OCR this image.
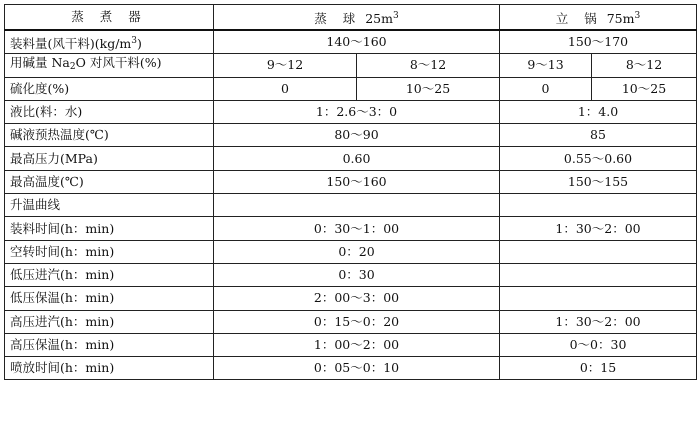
蒸 煮 器	蒸 球 $25m^3$		立 锅 $75m^3$
装料量(风干料)$(kg/m^3)$	140～160		150～170	
用碱量 $Na_2O$ 对风干料(%)	9～12	8～12	9～13	8～12
硫化度(%)	0	10～25	0	10～25
液比(料：水)	1：2.6～3：0		1：4.0	
碱液预热温度(℃)	80～90		85	
最高压力(MPa)	0.60		0.55～0.60	
最高温度(℃)	150～160		150～155	
升温曲线				
装料时间(h：min)	0：30～1：00		1：30～2：00	
空转时间(h：min)	0：20			
低压进汽(h：min)	0：30			
低压保温(h：min)	2：00～3：00			
高压进汽(h：min)	0：15～0：20		1：30～2：00	
高压保温(h：min)	1：00～2：00		0～0：30	
喷放时间(h：min)	0：05～0：10		0：15	
